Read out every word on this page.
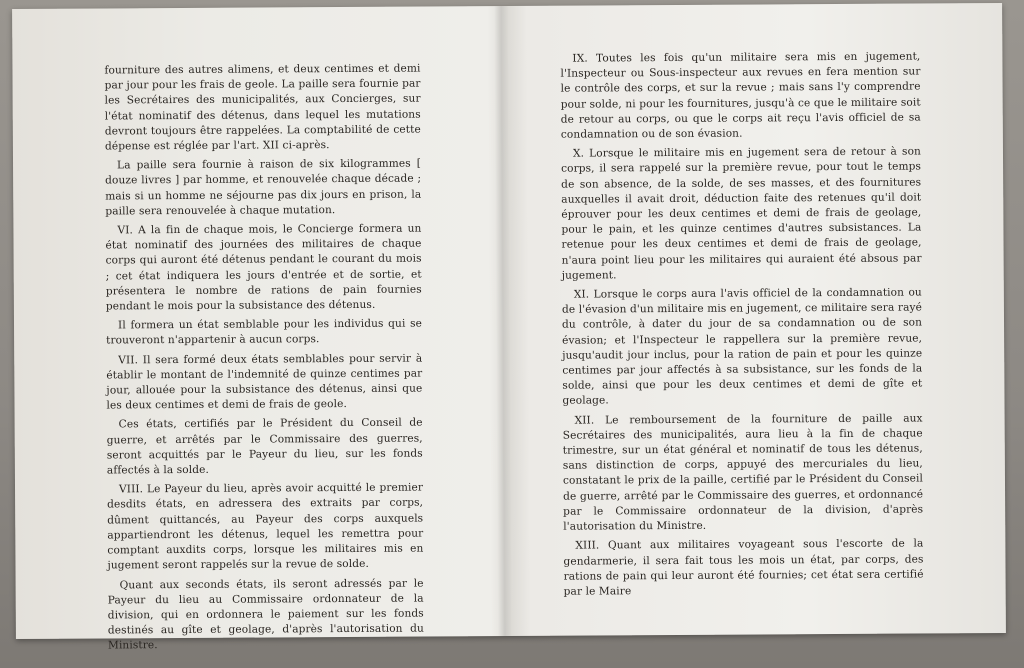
fourniture des autres alimens, et deux centimes et demi par jour pour les frais de geole. La paille sera fournie par les Secrétaires des municipalités, aux Concierges, sur l'état nominatif des détenus, dans lequel les mutations devront toujours être rappelées. La comptabilité de cette dépense est réglée par l'art. XII ci-après.

La paille sera fournie à raison de six kilogrammes [ douze livres ] par homme, et renouvelée chaque décade ; mais si un homme ne séjourne pas dix jours en prison, la paille sera renouvelée à chaque mutation.

VI. A la fin de chaque mois, le Concierge formera un état nominatif des journées des militaires de chaque corps qui auront été détenus pendant le courant du mois ; cet état indiquera les jours d'entrée et de sortie, et présentera le nombre de rations de pain fournies pendant le mois pour la subsistance des détenus.

Il formera un état semblable pour les individus qui se trouveront n'appartenir à aucun corps.

VII. Il sera formé deux états semblables pour servir à établir le montant de l'indemnité de quinze centimes par jour, allouée pour la subsistance des détenus, ainsi que les deux centimes et demi de frais de geole.

Ces états, certifiés par le Président du Conseil de guerre, et arrêtés par le Commissaire des guerres, seront acquittés par le Payeur du lieu, sur les fonds affectés à la solde.

VIII. Le Payeur du lieu, après avoir acquitté le premier desdits états, en adressera des extraits par corps, dûment quittancés, au Payeur des corps auxquels appartiendront les détenus, lequel les remettra pour comptant auxdits corps, lorsque les militaires mis en jugement seront rappelés sur la revue de solde.

Quant aux seconds états, ils seront adressés par le Payeur du lieu au Commissaire ordonnateur de la division, qui en ordonnera le paiement sur les fonds destinés au gîte et geolage, d'après l'autorisation du Ministre.

IX. Toutes les fois qu'un militaire sera mis en jugement, l'Inspecteur ou Sous-inspecteur aux revues en fera mention sur le contrôle des corps, et sur la revue ; mais sans l'y comprendre pour solde, ni pour les fournitures, jusqu'à ce que le militaire soit de retour au corps, ou que le corps ait reçu l'avis officiel de sa condamnation ou de son évasion.

X. Lorsque le militaire mis en jugement sera de retour à son corps, il sera rappelé sur la première revue, pour tout le temps de son absence, de la solde, de ses masses, et des fournitures auxquelles il avait droit, déduction faite des retenues qu'il doit éprouver pour les deux centimes et demi de frais de geolage, pour le pain, et les quinze centimes d'autres subsistances. La retenue pour les deux centimes et demi de frais de geolage, n'aura point lieu pour les militaires qui auraient été absous par jugement.

XI. Lorsque le corps aura l'avis officiel de la condamnation ou de l'évasion d'un militaire mis en jugement, ce militaire sera rayé du contrôle, à dater du jour de sa condamnation ou de son évasion; et l'Inspecteur le rappellera sur la première revue, jusqu'audit jour inclus, pour la ration de pain et pour les quinze centimes par jour affectés à sa subsistance, sur les fonds de la solde, ainsi que pour les deux centimes et demi de gîte et geolage.

XII. Le remboursement de la fourniture de paille aux Secrétaires des municipalités, aura lieu à la fin de chaque trimestre, sur un état général et nominatif de tous les détenus, sans distinction de corps, appuyé des mercuriales du lieu, constatant le prix de la paille, certifié par le Président du Conseil de guerre, arrêté par le Commissaire des guerres, et ordonnancé par le Commissaire ordonnateur de la division, d'après l'autorisation du Ministre.

XIII. Quant aux militaires voyageant sous l'escorte de la gendarmerie, il sera fait tous les mois un état, par corps, des rations de pain qui leur auront été fournies; cet état sera certifié par le Maire
